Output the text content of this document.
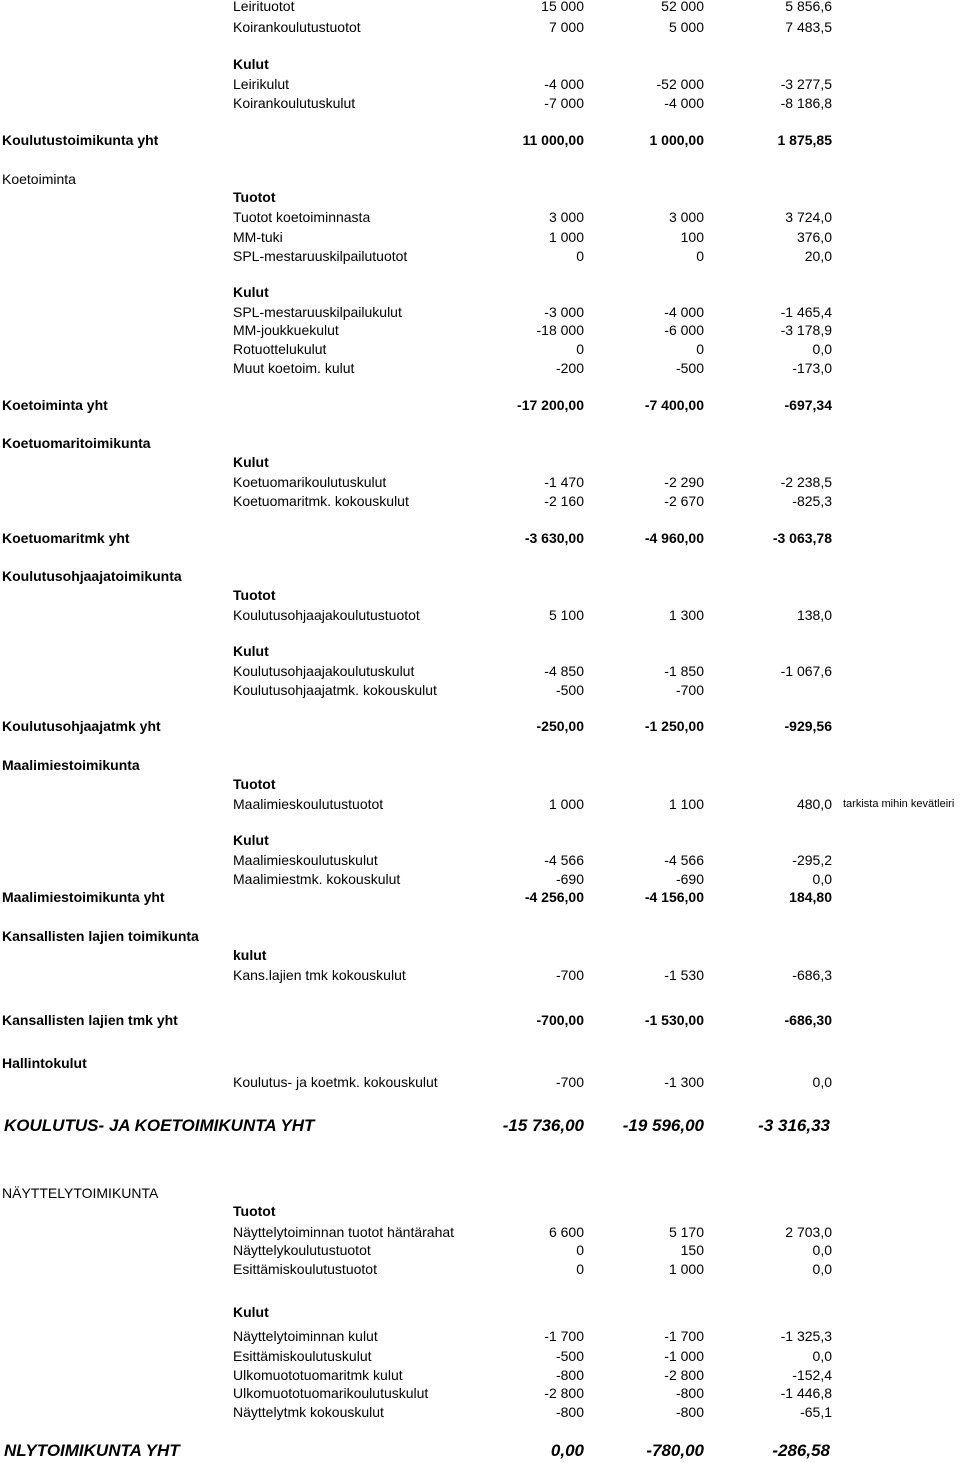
Leirituotot	15 000	52 000	5 856,6
Koirankoulutustuotot	7 000	5 000	7 483,5
Kulut
Leirikulut	-4 000	-52 000	-3 277,5
Koirankoulutuskulut	-7 000	-4 000	-8 186,8
Koulutustoimikunta yht	11 000,00	1 000,00	1 875,85
Koetoiminta
Tuotot
Tuotot koetoiminnasta	3 000	3 000	3 724,0
MM-tuki	1 000	100	376,0
SPL-mestaruuskilpailutuotot	0	0	20,0
Kulut
SPL-mestaruuskilpailukulut	-3 000	-4 000	-1 465,4
MM-joukkuekulut	-18 000	-6 000	-3 178,9
Rotuottelukulut	0	0	0,0
Muut koetoim. kulut	-200	-500	-173,0
Koetoiminta yht	-17 200,00	-7 400,00	-697,34
Koetuomaritoimikunta
Kulut
Koetuomarikoulutuskulut	-1 470	-2 290	-2 238,5
Koetuomaritmk. kokouskulut	-2 160	-2 670	-825,3
Koetuomaritmk yht	-3 630,00	-4 960,00	-3 063,78
Koulutusohjaajatoimikunta
Tuotot
Koulutusohjaajakoulutustuotot	5 100	1 300	138,0
Kulut
Koulutusohjaajakoulutuskulut	-4 850	-1 850	-1 067,6
Koulutusohjaajatmk. kokouskulut	-500	-700
Koulutusohjaajatmk yht	-250,00	-1 250,00	-929,56
Maalimiestoimikunta
Tuotot
Maalimieskoulutustuotot	1 000	1 100	480,0 tarkista mihin kevätleiri
Kulut
Maalimieskoulutuskulut	-4 566	-4 566	-295,2
Maalimiestmk. kokouskulut	-690	-690	0,0
Maalimiestoimikunta yht	-4 256,00	-4 156,00	184,80
Kansallisten lajien toimikunta
kulut
Kans.lajien tmk kokouskulut	-700	-1 530	-686,3
Kansallisten lajien tmk yht	-700,00	-1 530,00	-686,30
Hallintokulut
Koulutus- ja koetmk. kokouskulut	-700	-1 300	0,0
KOULUTUS- JA KOETOIMIKUNTA YHT	-15 736,00	-19 596,00	-3 316,33
NÄYTTELYTOIMIKUNTA
Tuotot
Näyttelytoiminnan tuotot häntärahat	6 600	5 170	2 703,0
Näyttelykoulutustuotot	0	150	0,0
Esittämiskoulutustuotot	0	1 000	0,0
Kulut
Näyttelytoiminnan kulut	-1 700	-1 700	-1 325,3
Esittämiskoulutuskulut	-500	-1 000	0,0
Ulkomuototuomaritmk kulut	-800	-2 800	-152,4
Ulkomuototuomarikoulutuskulut	-2 800	-800	-1 446,8
Näyttelytmk kokouskulut	-800	-800	-65,1
NLYTOIMIKUNTA YHT	0,00	-780,00	-286,58
